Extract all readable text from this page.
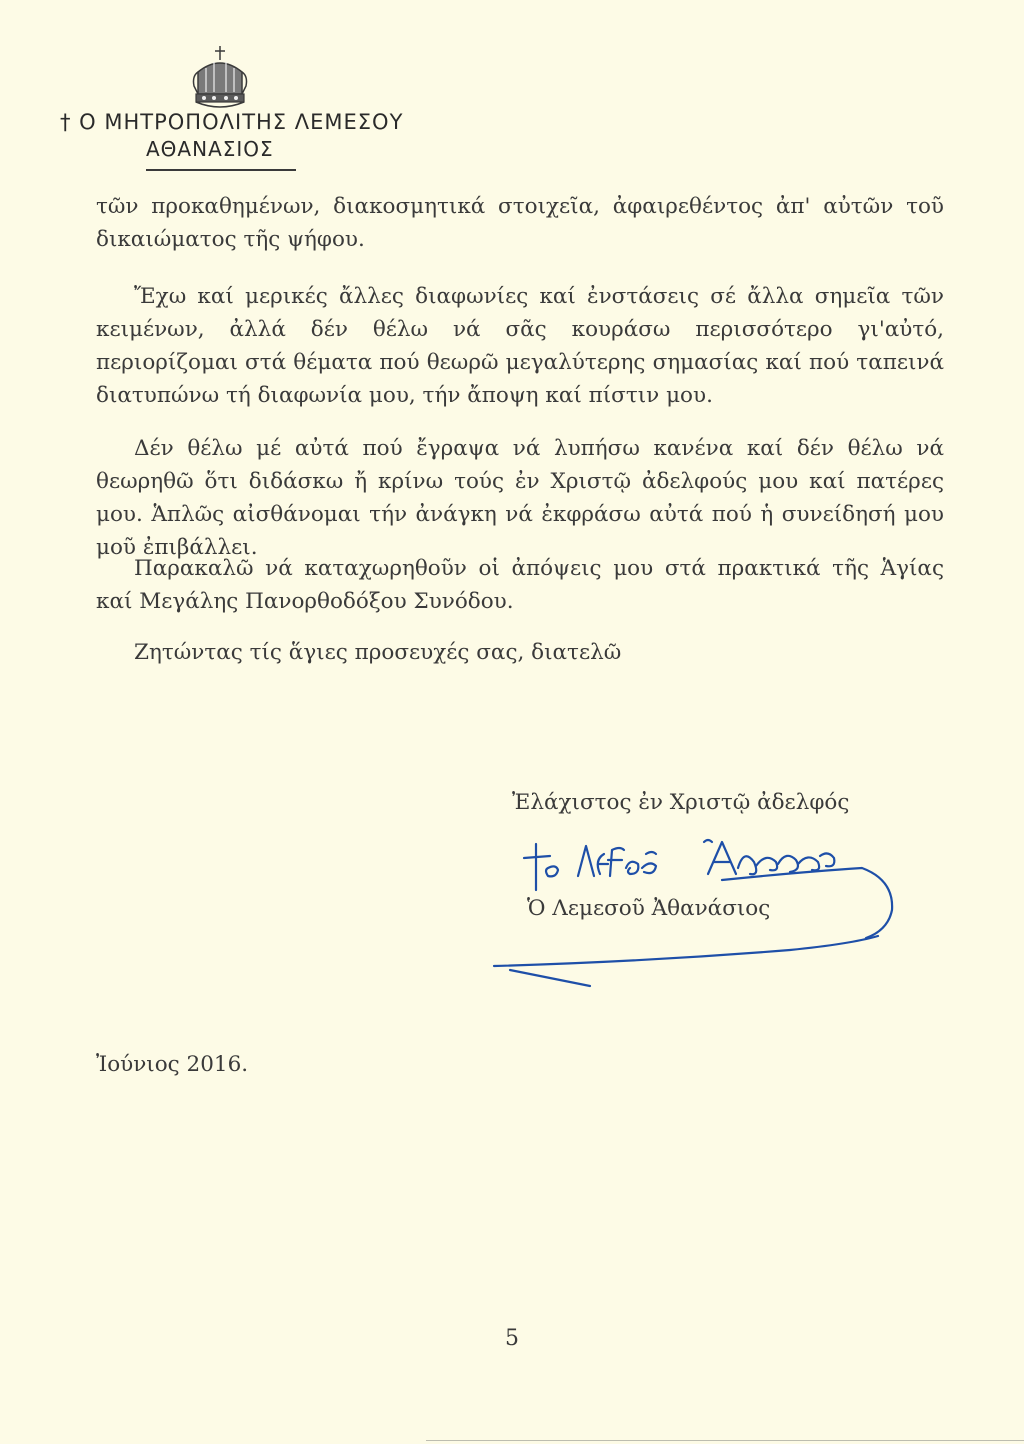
† Ο ΜΗΤΡΟΠΟΛΙΤΗΣ ΛΕΜΕΣΟΥ
ΑΘΑΝΑΣΙΟΣ

τῶν προκαθημένων, διακοσμητικά στοιχεῖα, ἀφαιρεθέντος ἀπ' αὐτῶν τοῦ δικαιώματος τῆς ψήφου.

Ἔχω καί μερικές ἄλλες διαφωνίες καί ἐνστάσεις σέ ἄλλα σημεῖα τῶν κειμένων, ἀλλά δέν θέλω νά σᾶς κουράσω περισσότερο γι'αὐτό, περιορίζομαι στά θέματα πού θεωρῶ μεγαλύτερης σημασίας καί πού ταπεινά διατυπώνω τή διαφωνία μου, τήν ἄποψη καί πίστιν μου.

Δέν θέλω μέ αὐτά πού ἔγραψα νά λυπήσω κανένα καί δέν θέλω νά θεωρηθῶ ὅτι διδάσκω ἤ κρίνω τούς ἐν Χριστῷ ἀδελφούς μου καί πατέρες μου. Ἁπλῶς αἰσθάνομαι τήν ἀνάγκη νά ἐκφράσω αὐτά πού ἡ συνείδησή μου μοῦ ἐπιβάλλει.

Παρακαλῶ νά καταχωρηθοῦν οἱ ἀπόψεις μου στά πρακτικά τῆς Ἁγίας καί Μεγάλης Πανορθοδόξου Συνόδου.

Ζητώντας τίς ἅγιες προσευχές σας, διατελῶ

Ἐλάχιστος ἐν Χριστῷ ἀδελφός
Ὁ Λεμεσοῦ Ἀθανάσιος
Ἰούνιος 2016.
5
